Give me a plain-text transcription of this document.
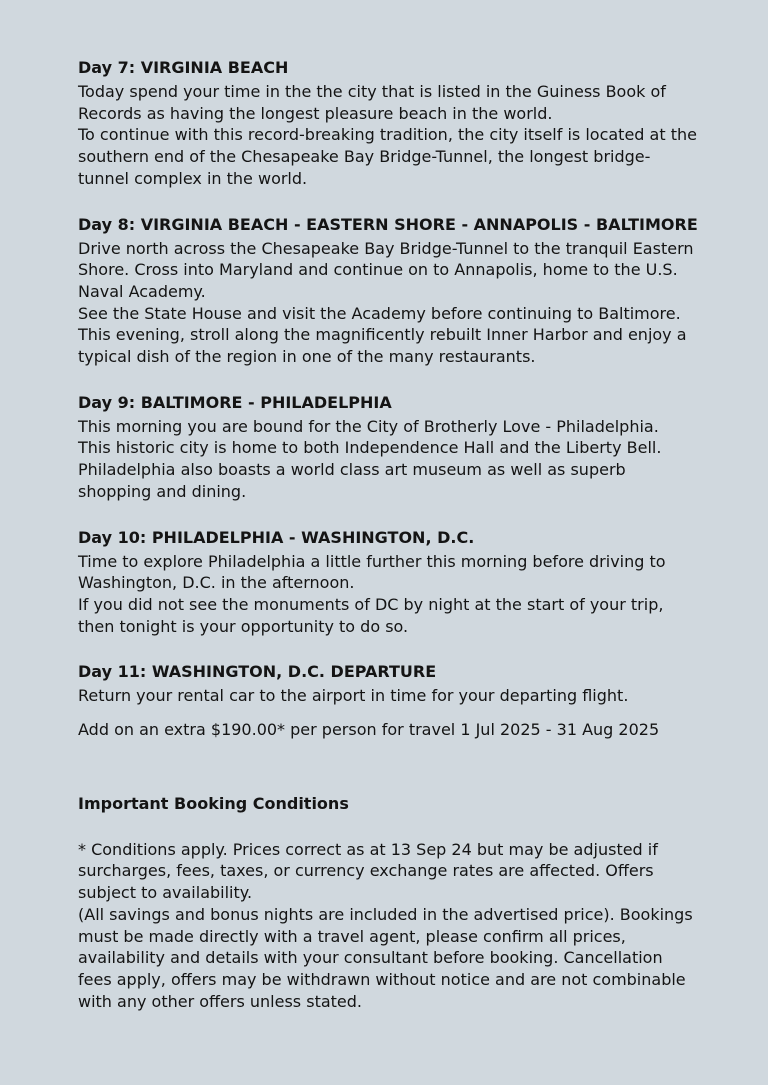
Day 7: VIRGINIA BEACH

Today spend your time in the the city that is listed in the Guiness Book of Records as having the longest pleasure beach in the world.

To continue with this record-breaking tradition, the city itself is located at the southern end of the Chesapeake Bay Bridge-Tunnel, the longest bridge-tunnel complex in the world.

Day 8: VIRGINIA BEACH - EASTERN SHORE - ANNAPOLIS - BALTIMORE

Drive north across the Chesapeake Bay Bridge-Tunnel to the tranquil Eastern Shore. Cross into Maryland and continue on to Annapolis, home to the U.S. Naval Academy.

See the State House and visit the Academy before continuing to Baltimore.

This evening, stroll along the magnificently rebuilt Inner Harbor and enjoy a typical dish of the region in one of the many restaurants.

Day 9: BALTIMORE - PHILADELPHIA

This morning you are bound for the City of Brotherly Love - Philadelphia.

This historic city is home to both Independence Hall and the Liberty Bell.

Philadelphia also boasts a world class art museum as well as superb shopping and dining.

Day 10: PHILADELPHIA - WASHINGTON, D.C.

Time to explore Philadelphia a little further this morning before driving to Washington, D.C. in the afternoon.

If you did not see the monuments of DC by night at the start of your trip, then tonight is your opportunity to do so.

Day 11: WASHINGTON, D.C. DEPARTURE

Return your rental car to the airport in time for your departing flight.

Add on an extra $190.00* per person for travel 1 Jul 2025 - 31 Aug 2025

Important Booking Conditions

* Conditions apply. Prices correct as at 13 Sep 24 but may be adjusted if surcharges, fees, taxes, or currency exchange rates are affected. Offers subject to availability.

(All savings and bonus nights are included in the advertised price). Bookings must be made directly with a travel agent, please confirm all prices, availability and details with your consultant before booking. Cancellation fees apply, offers may be withdrawn without notice and are not combinable with any other offers unless stated.
